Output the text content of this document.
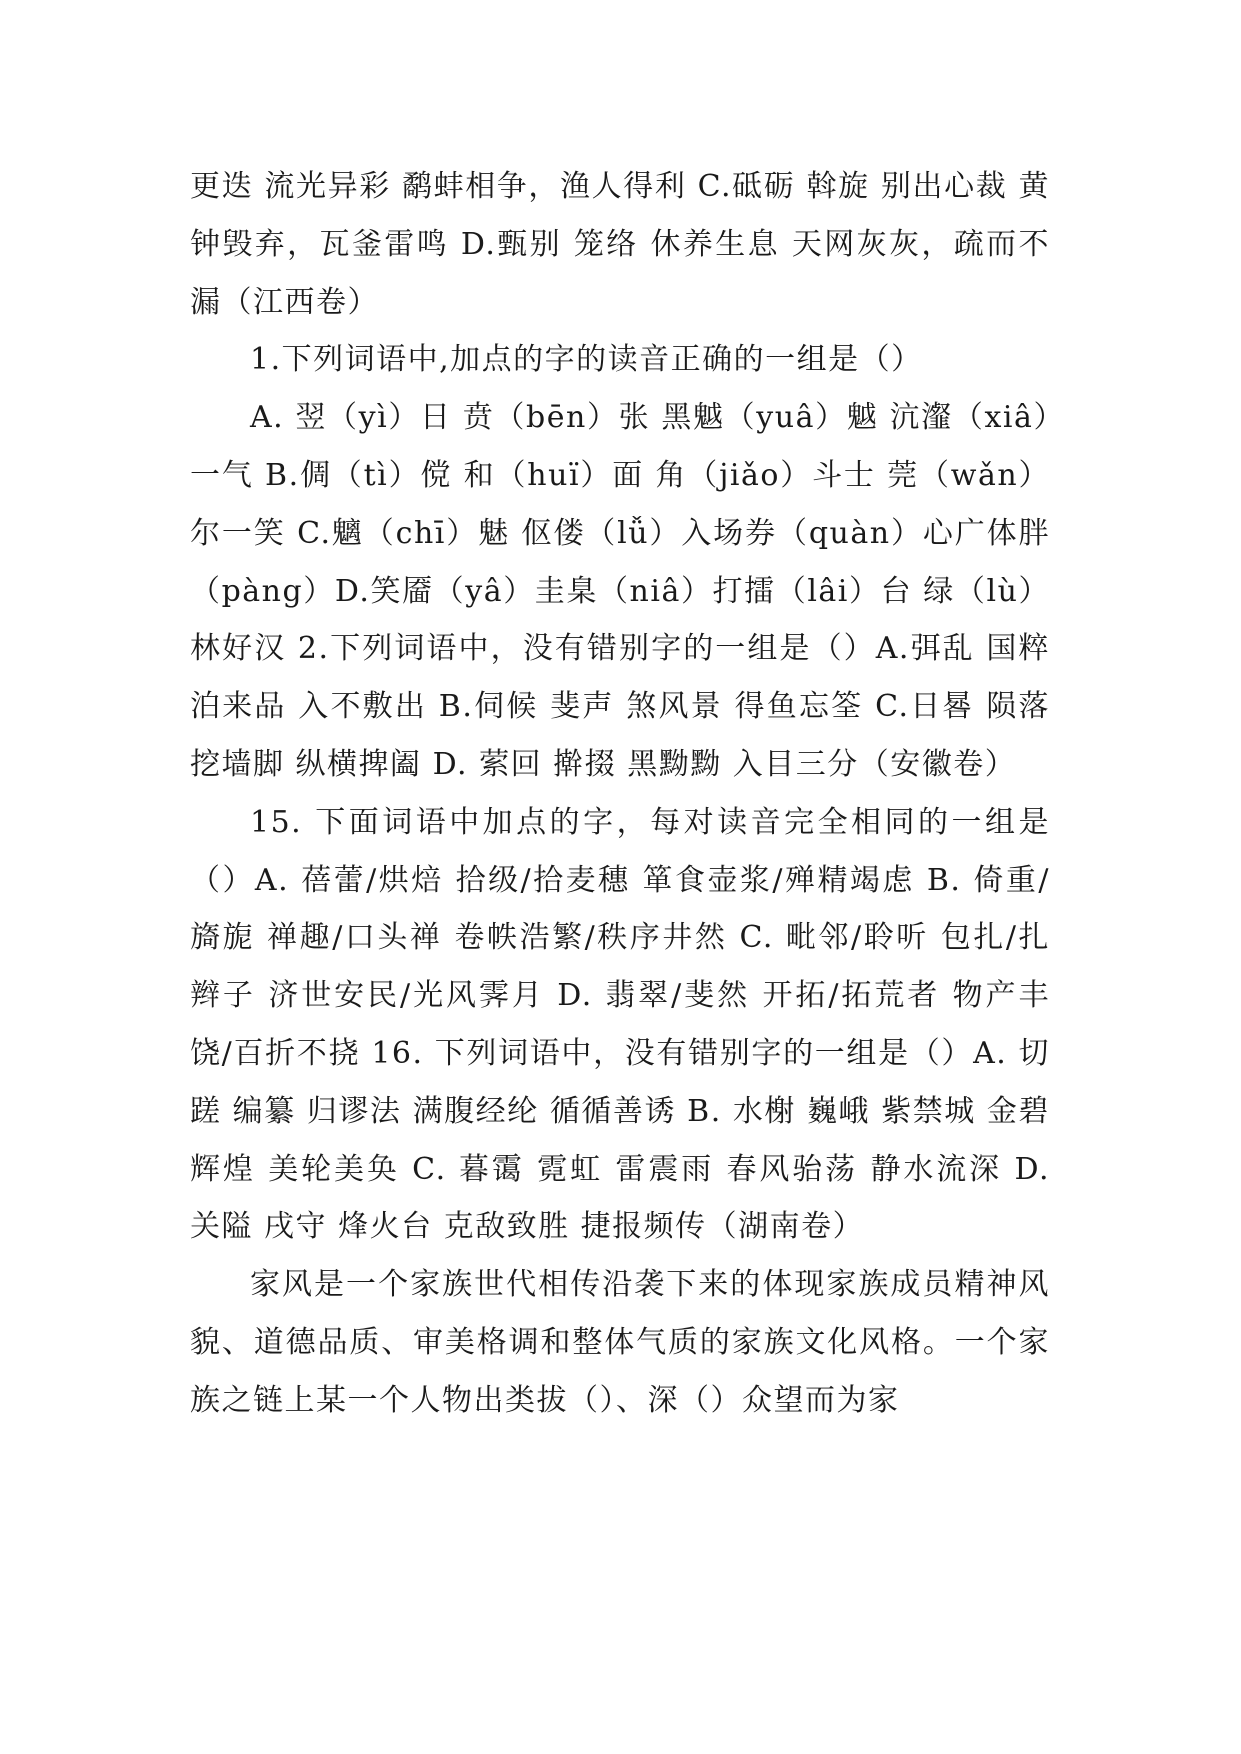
更迭 流光异彩 鹬蚌相争，渔人得利 C.砥砺 斡旋 别出心裁 黄钟毁弃，瓦釜雷鸣 D.甄别 笼络 休养生息 天网灰灰，疏而不漏（江西卷）

1.下列词语中,加点的字的读音正确的一组是（）

A. 翌（yì）日 贲（bēn）张 黑魆（yuâ）魆 沆瀣（xiâ）一气 B.倜（tì）傥 和（huï）面 角（jiǎo）斗士 莞（wǎn）尔一笑 C.魑（chī）魅 伛偻（lǚ）入场券（quàn）心广体胖（pàng）D.笑靥（yâ）圭臬（niâ）打擂（lâi）台 绿（lù）林好汉 2.下列词语中，没有错别字的一组是（）A.弭乱 国粹 泊来品 入不敷出 B.伺候 斐声 煞风景 得鱼忘筌 C.日晷 陨落 挖墙脚 纵横捭阖 D. 萦回 擀掇 黑黝黝 入目三分（安徽卷）

15. 下面词语中加点的字，每对读音完全相同的一组是（）A. 蓓蕾/烘焙 拾级/拾麦穗 箪食壶浆/殚精竭虑 B. 倚重/旖旎 禅趣/口头禅 卷帙浩繁/秩序井然 C. 毗邻/聆听 包扎/扎辫子 济世安民/光风霁月 D. 翡翠/斐然 开拓/拓荒者 物产丰饶/百折不挠 16. 下列词语中，没有错别字的一组是（）A. 切蹉 编纂 归谬法 满腹经纶 循循善诱 B. 水榭 巍峨 紫禁城 金碧辉煌 美轮美奂 C. 暮霭 霓虹 雷震雨 春风骀荡 静水流深 D. 关隘 戌守 烽火台 克敌致胜 捷报频传（湖南卷）

家风是一个家族世代相传沿袭下来的体现家族成员精神风貌、道德品质、审美格调和整体气质的家族文化风格。一个家族之链上某一个人物出类拔（）、深（）众望而为家
